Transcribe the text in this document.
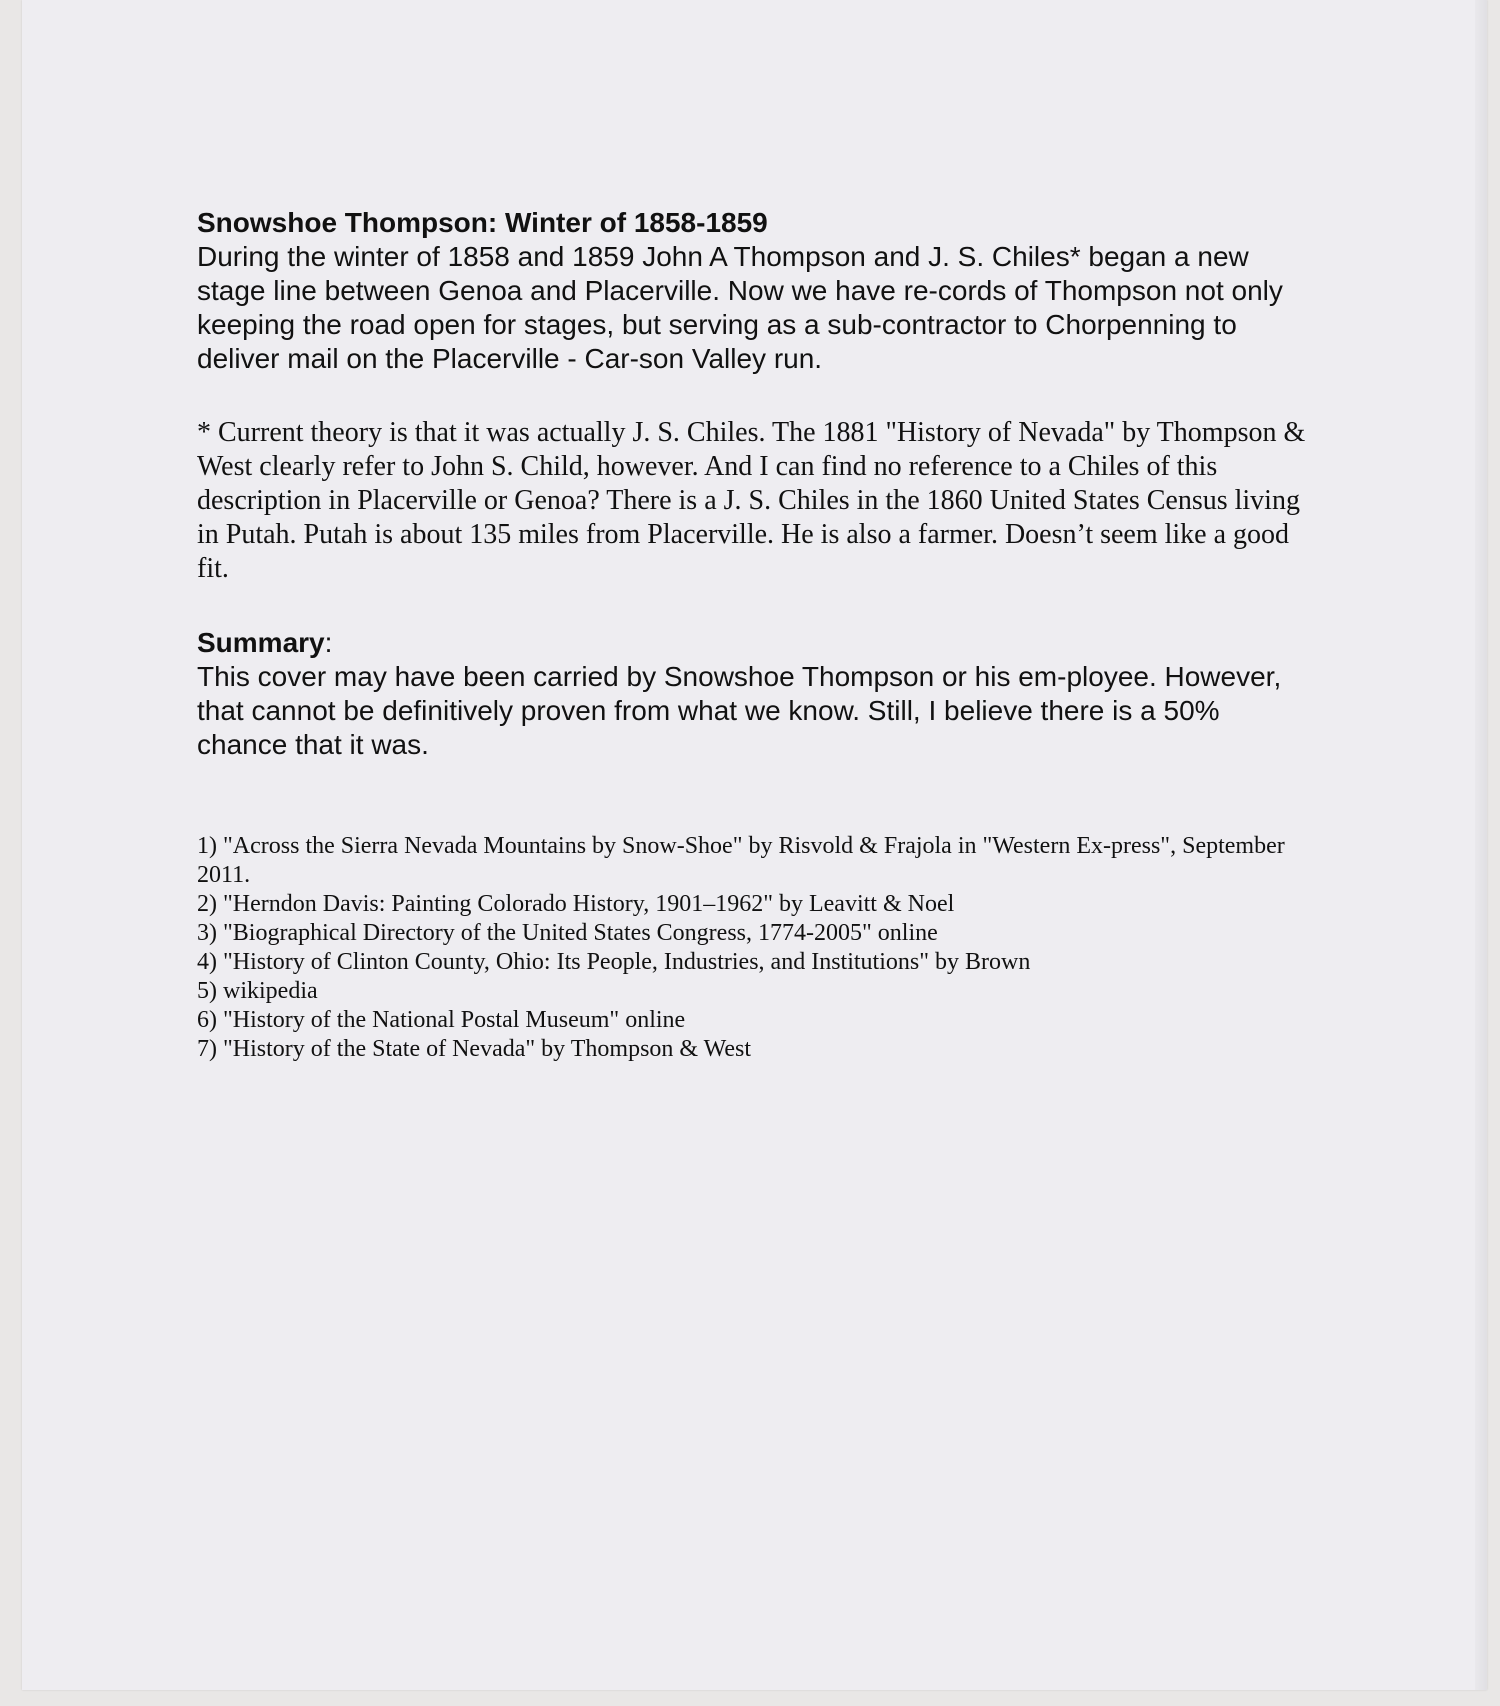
Snowshoe Thompson: Winter of 1858-1859

During the winter of 1858 and 1859 John A Thompson and J. S. Chiles* began a new stage line between Genoa and Placerville. Now we have re-cords of Thompson not only keeping the road open for stages, but serving as a sub-contractor to Chorpenning to deliver mail on the Placerville - Car-son Valley run.

* Current theory is that it was actually J. S. Chiles. The 1881 "History of Nevada" by Thompson & West clearly refer to John S. Child, however. And I can find no reference to a Chiles of this description in Placerville or Genoa? There is a J. S. Chiles in the 1860 United States Census living in Putah. Putah is about 135 miles from Placerville. He is also a farmer. Doesn’t seem like a good fit.

Summary:

This cover may have been carried by Snowshoe Thompson or his em-ployee. However, that cannot be definitively proven from what we know. Still, I believe there is a 50% chance that it was.

1) "Across the Sierra Nevada Mountains by Snow-Shoe" by Risvold & Frajola in "Western Ex-press", September 2011.
2) "Herndon Davis: Painting Colorado History, 1901–1962" by Leavitt & Noel
3) "Biographical Directory of the United States Congress, 1774-2005" online
4) "History of Clinton County, Ohio: Its People, Industries, and Institutions" by Brown
5) wikipedia
6) "History of the National Postal Museum" online
7) "History of the State of Nevada" by Thompson & West
